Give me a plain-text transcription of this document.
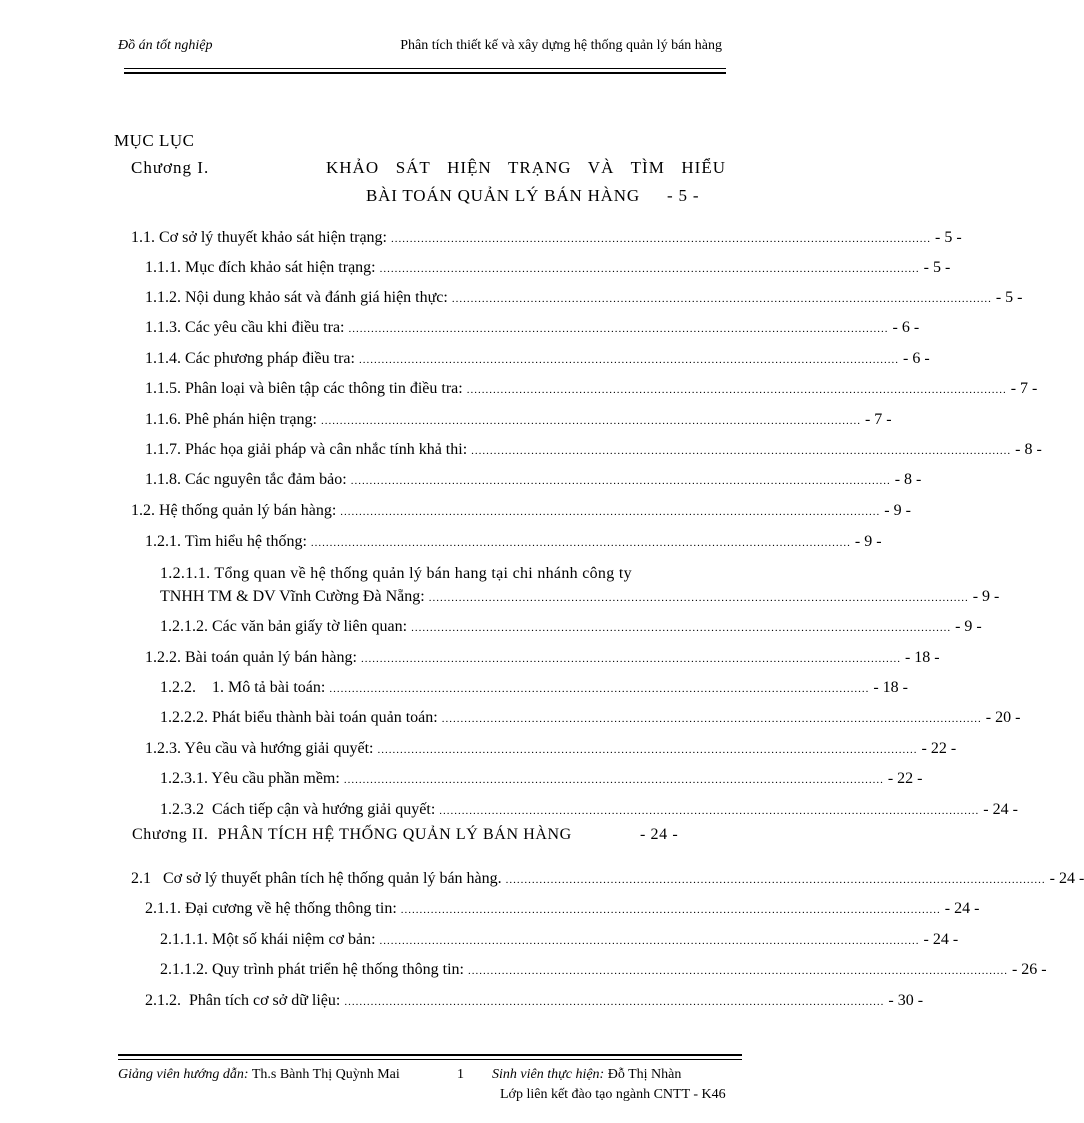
Đồ án tốt nghiệp	Phân tích thiết kế và xây dựng hệ thống quản lý bán hàng
MỤC LỤC
Chương I.	KHẢO SÁT HIỆN TRẠNG VÀ TÌM HIỂU
BÀI TOÁN QUẢN LÝ BÁN HÀNG - 5 -
1.1. Cơ sở lý thuyết khảo sát hiện trạng: ................................................................................................................................................ - 5 -
1.1.1. Mục đích khảo sát hiện trạng: ................................................................................................................................................ - 5 -
1.1.2. Nội dung khảo sát và đánh giá hiện thực: ................................................................................................................................................ - 5 -
1.1.3. Các yêu cầu khi điều tra: ................................................................................................................................................ - 6 -
1.1.4. Các phương pháp điều tra: ................................................................................................................................................ - 6 -
1.1.5. Phân loại và biên tập các thông tin điều tra: ................................................................................................................................................ - 7 -
1.1.6. Phê phán hiện trạng: ................................................................................................................................................ - 7 -
1.1.7. Phác họa giải pháp và cân nhắc tính khả thi: ................................................................................................................................................ - 8 -
1.1.8. Các nguyên tắc đảm bảo: ................................................................................................................................................ - 8 -
1.2. Hệ thống quản lý bán hàng: ................................................................................................................................................ - 9 -
1.2.1. Tìm hiểu hệ thống: ................................................................................................................................................ - 9 -
1.2.1.1. Tổng quan về hệ thống quản lý bán hang tại chi nhánh công ty
TNHH TM & DV Vĩnh Cường Đà Nẵng: ................................................................................................................................................ - 9 -
1.2.1.2. Các văn bản giấy tờ liên quan: ................................................................................................................................................ - 9 -
1.2.2. Bài toán quản lý bán hàng: ................................................................................................................................................ - 18 -
1.2.2.    1. Mô tả bài toán: ................................................................................................................................................ - 18 -
1.2.2.2. Phát biểu thành bài toán quản toán: ................................................................................................................................................ - 20 -
1.2.3. Yêu cầu và hướng giải quyết: ................................................................................................................................................ - 22 -
1.2.3.1. Yêu cầu phần mềm: ................................................................................................................................................ - 22 -
1.2.3.2  Cách tiếp cận và hướng giải quyết: ................................................................................................................................................ - 24 -
Chương II.  PHÂN TÍCH HỆ THỐNG QUẢN LÝ BÁN HÀNG	- 24 -
2.1   Cơ sở lý thuyết phân tích hệ thống quản lý bán hàng. ................................................................................................................................................ - 24 -
2.1.1. Đại cương về hệ thống thông tin: ................................................................................................................................................ - 24 -
2.1.1.1. Một số khái niệm cơ bản: ................................................................................................................................................ - 24 -
2.1.1.2. Quy trình phát triển hệ thống thông tin: ................................................................................................................................................ - 26 -
2.1.2.  Phân tích cơ sở dữ liệu: ................................................................................................................................................ - 30 -
Giảng viên hướng dẫn: Th.s Bành Thị Quỳnh Mai	1 Sinh viên thực hiện: Đỗ Thị Nhàn
Lớp liên kết đào tạo ngành CNTT - K46
